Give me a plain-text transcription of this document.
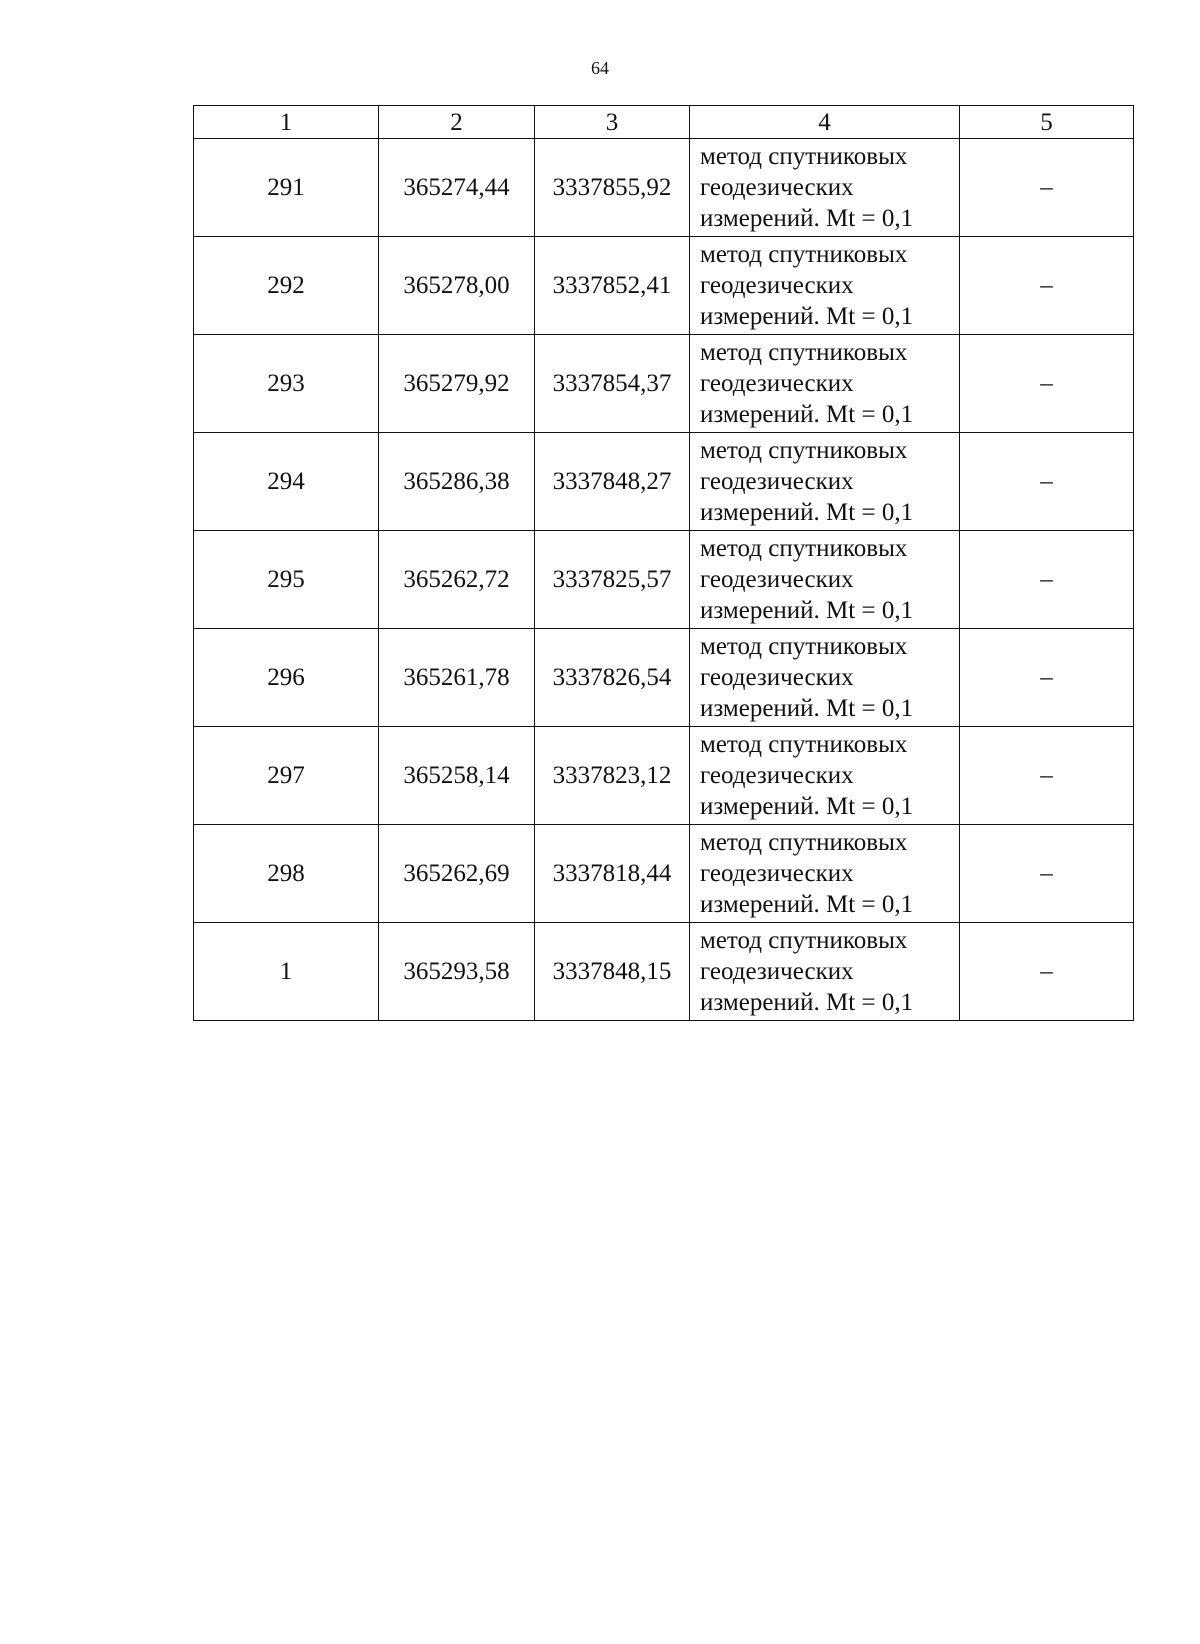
64
1	2	3	4	5
291	365274,44	3337855,92	метод спутниковых
геодезических
измерений. Mt = 0,1	–
292	365278,00	3337852,41	метод спутниковых
геодезических
измерений. Mt = 0,1	–
293	365279,92	3337854,37	метод спутниковых
геодезических
измерений. Mt = 0,1	–
294	365286,38	3337848,27	метод спутниковых
геодезических
измерений. Mt = 0,1	–
295	365262,72	3337825,57	метод спутниковых
геодезических
измерений. Mt = 0,1	–
296	365261,78	3337826,54	метод спутниковых
геодезических
измерений. Mt = 0,1	–
297	365258,14	3337823,12	метод спутниковых
геодезических
измерений. Mt = 0,1	–
298	365262,69	3337818,44	метод спутниковых
геодезических
измерений. Mt = 0,1	–
1	365293,58	3337848,15	метод спутниковых
геодезических
измерений. Mt = 0,1	–
